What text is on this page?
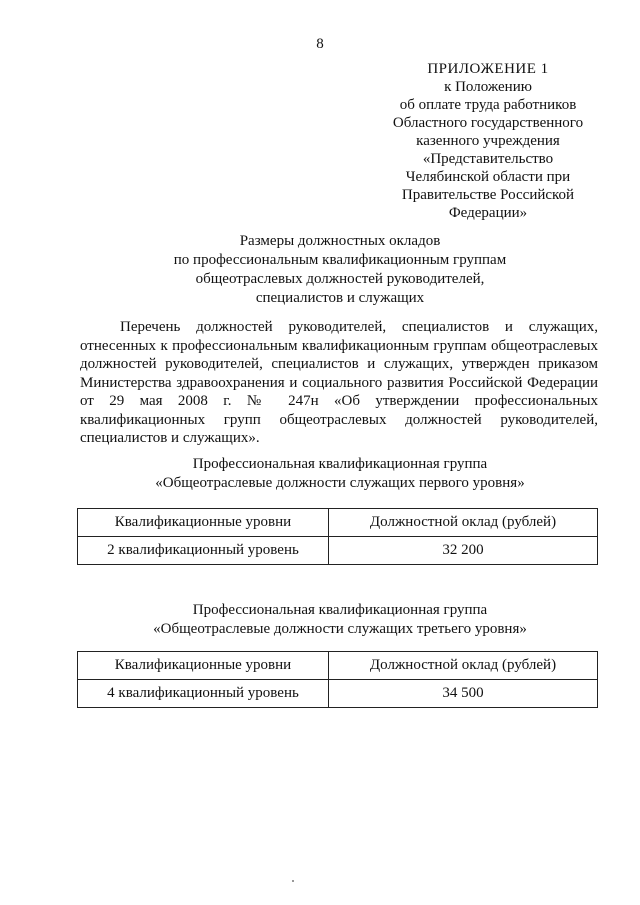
8
ПРИЛОЖЕНИЕ 1
к Положению
об оплате труда работников
Областного государственного
казенного учреждения
«Представительство
Челябинской области при
Правительстве Российской
Федерации»
Размеры должностных окладов
по профессиональным квалификационным группам
общеотраслевых должностей руководителей,
специалистов и служащих

Перечень должностей руководителей, специалистов и служащих, отнесенных к профессиональным квалификационным группам общеотраслевых должностей руководителей, специалистов и служащих, утвержден приказом Министерства здравоохранения и социального развития Российской Федерации от 29 мая 2008 г. № 247н «Об утверждении профессиональных квалификационных групп общеотраслевых должностей руководителей, специалистов и служащих».

Профессиональная квалификационная группа
«Общеотраслевые должности служащих первого уровня»
Квалификационные уровни	Должностной оклад (рублей)
2 квалификационный уровень	32 200
Профессиональная квалификационная группа
«Общеотраслевые должности служащих третьего уровня»
Квалификационные уровни	Должностной оклад (рублей)
4 квалификационный уровень	34 500
